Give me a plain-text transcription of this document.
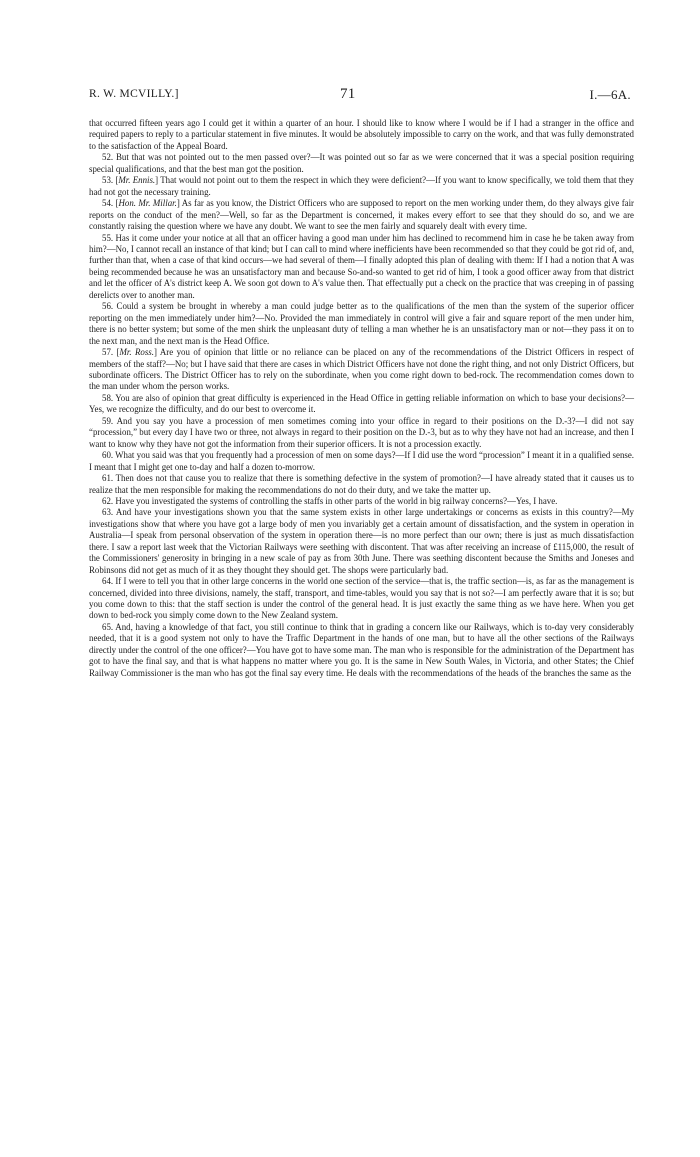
R. W. MCVILLY.]	71	I.—6A.

that occurred fifteen years ago I could get it within a quarter of an hour. I should like to know where I would be if I had a stranger in the office and required papers to reply to a particular statement in five minutes. It would be absolutely impossible to carry on the work, and that was fully demonstrated to the satisfaction of the Appeal Board.

52. But that was not pointed out to the men passed over?—It was pointed out so far as we were concerned that it was a special position requiring special qualifications, and that the best man got the position.

53. [Mr. Ennis.] That would not point out to them the respect in which they were deficient?—If you want to know specifically, we told them that they had not got the necessary training.

54. [Hon. Mr. Millar.] As far as you know, the District Officers who are supposed to report on the men working under them, do they always give fair reports on the conduct of the men?—Well, so far as the Department is concerned, it makes every effort to see that they should do so, and we are constantly raising the question where we have any doubt. We want to see the men fairly and squarely dealt with every time.

55. Has it come under your notice at all that an officer having a good man under him has declined to recommend him in case he be taken away from him?—No, I cannot recall an instance of that kind; but I can call to mind where inefficients have been recommended so that they could be got rid of, and, further than that, when a case of that kind occurs—we had several of them—I finally adopted this plan of dealing with them: If I had a notion that A was being recommended because he was an unsatisfactory man and because So-and-so wanted to get rid of him, I took a good officer away from that district and let the officer of A's district keep A. We soon got down to A's value then. That effectually put a check on the practice that was creeping in of passing derelicts over to another man.

56. Could a system be brought in whereby a man could judge better as to the qualifications of the men than the system of the superior officer reporting on the men immediately under him?—No. Provided the man immediately in control will give a fair and square report of the men under him, there is no better system; but some of the men shirk the unpleasant duty of telling a man whether he is an unsatisfactory man or not—they pass it on to the next man, and the next man is the Head Office.

57. [Mr. Ross.] Are you of opinion that little or no reliance can be placed on any of the recommendations of the District Officers in respect of members of the staff?—No; but I have said that there are cases in which District Officers have not done the right thing, and not only District Officers, but subordinate officers. The District Officer has to rely on the subordinate, when you come right down to bed-rock. The recommendation comes down to the man under whom the person works.

58. You are also of opinion that great difficulty is experienced in the Head Office in getting reliable information on which to base your decisions?—Yes, we recognize the difficulty, and do our best to overcome it.

59. And you say you have a procession of men sometimes coming into your office in regard to their positions on the D.-3?—I did not say “procession,” but every day I have two or three, not always in regard to their position on the D.-3, but as to why they have not had an increase, and then I want to know why they have not got the information from their superior officers. It is not a procession exactly.

60. What you said was that you frequently had a procession of men on some days?—If I did use the word “procession” I meant it in a qualified sense. I meant that I might get one to-day and half a dozen to-morrow.

61. Then does not that cause you to realize that there is something defective in the system of promotion?—I have already stated that it causes us to realize that the men responsible for making the recommendations do not do their duty, and we take the matter up.

62. Have you investigated the systems of controlling the staffs in other parts of the world in big railway concerns?—Yes, I have.

63. And have your investigations shown you that the same system exists in other large undertakings or concerns as exists in this country?—My investigations show that where you have got a large body of men you invariably get a certain amount of dissatisfaction, and the system in operation in Australia—I speak from personal observation of the system in operation there—is no more perfect than our own; there is just as much dissatisfaction there. I saw a report last week that the Victorian Railways were seething with discontent. That was after receiving an increase of £115,000, the result of the Commissioners' generosity in bringing in a new scale of pay as from 30th June. There was seething discontent because the Smiths and Joneses and Robinsons did not get as much of it as they thought they should get. The shops were particularly bad.

64. If I were to tell you that in other large concerns in the world one section of the service—that is, the traffic section—is, as far as the management is concerned, divided into three divisions, namely, the staff, transport, and time-tables, would you say that is not so?—I am perfectly aware that it is so; but you come down to this: that the staff section is under the control of the general head. It is just exactly the same thing as we have here. When you get down to bed-rock you simply come down to the New Zealand system.

65. And, having a knowledge of that fact, you still continue to think that in grading a concern like our Railways, which is to-day very considerably needed, that it is a good system not only to have the Traffic Department in the hands of one man, but to have all the other sections of the Railways directly under the control of the one officer?—You have got to have some man. The man who is responsible for the administration of the Department has got to have the final say, and that is what happens no matter where you go. It is the same in New South Wales, in Victoria, and other States; the Chief Railway Commissioner is the man who has got the final say every time. He deals with the recommendations of the heads of the branches the same as the
